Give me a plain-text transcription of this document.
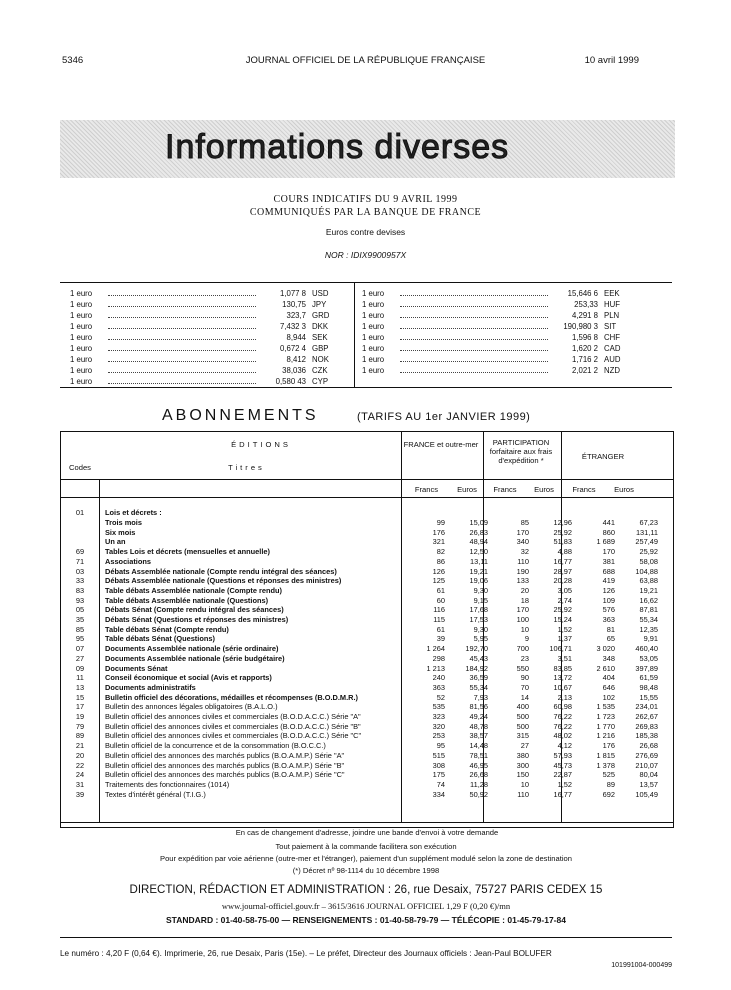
5346	JOURNAL OFFICIEL DE LA RÉPUBLIQUE FRANÇAISE	10 avril 1999
Informations diverses
COURS INDICATIFS DU 9 AVRIL 1999
COMMUNIQUÉS PAR LA BANQUE DE FRANCE
Euros contre devises
NOR : IDIX9900957X
1 euro	1,077 8 USD
1 euro	130,75 JPY
1 euro	323,7 GRD
1 euro	7,432 3 DKK
1 euro	8,944 SEK
1 euro	0,672 4 GBP
1 euro	8,412 NOK
1 euro	38,036 CZK
1 euro	0,580 43 CYP
1 euro	15,646 6 EEK
1 euro	253,33 HUF
1 euro	4,291 8 PLN
1 euro	190,980 3 SIT
1 euro	1,596 8 CHF
1 euro	1,620 2 CAD
1 euro	1,716 2 AUD
1 euro	2,021 2 NZD
ABONNEMENTS	(TARIFS AU 1er JANVIER 1999)
ÉDITIONS
Titres
Codes
FRANCE et outre-mer	PARTICIPATION forfaitaire aux frais d'expédition *	ÉTRANGER
Francs	Euros	Francs	Euros	Francs	Euros
01	Lois et décrets :
Trois mois	99	15,09	85	12,96	441	67,23
Six mois	176	26,83	170	25,92	860	131,11
Un an	321	48,94	340	51,83	1 689	257,49
69	Tables Lois et décrets (mensuelles et annuelle)	82	12,50	32	4,88	170	25,92
71	Associations	86	13,11	110	16,77	381	58,08
03	Débats Assemblée nationale (Compte rendu intégral des séances)	126	19,21	190	28,97	688	104,88
33	Débats Assemblée nationale (Questions et réponses des ministres)	125	19,06	133	20,28	419	63,88
83	Table débats Assemblée nationale (Compte rendu)	61	9,30	20	3,05	126	19,21
93	Table débats Assemblée nationale (Questions)	60	9,15	18	2,74	109	16,62
05	Débats Sénat (Compte rendu intégral des séances)	116	17,68	170	25,92	576	87,81
35	Débats Sénat (Questions et réponses des ministres)	115	17,53	100	15,24	363	55,34
85	Table débats Sénat (Compte rendu)	61	9,30	10	1,52	81	12,35
95	Table débats Sénat (Questions)	39	5,95	9	1,37	65	9,91
07	Documents Assemblée nationale (série ordinaire)	1 264	192,70	700	106,71	3 020	460,40
27	Documents Assemblée nationale (série budgétaire)	298	45,43	23	3,51	348	53,05
09	Documents Sénat	1 213	184,92	550	83,85	2 610	397,89
11	Conseil économique et social (Avis et rapports)	240	36,59	90	13,72	404	61,59
13	Documents administratifs	363	55,34	70	10,67	646	98,48
15	Bulletin officiel des décorations, médailles et récompenses (B.O.D.M.R.)	52	7,93	14	2,13	102	15,55
17	Bulletin des annonces légales obligatoires (B.A.L.O.)	535	81,56	400	60,98	1 535	234,01
19	Bulletin officiel des annonces civiles et commerciales (B.O.D.A.C.C.) Série "A"	323	49,24	500	76,22	1 723	262,67
79	Bulletin officiel des annonces civiles et commerciales (B.O.D.A.C.C.) Série "B"	320	48,78	500	76,22	1 770	269,83
89	Bulletin officiel des annonces civiles et commerciales (B.O.D.A.C.C.) Série "C"	253	38,57	315	48,02	1 216	185,38
21	Bulletin officiel de la concurrence et de la consommation (B.O.C.C.)	95	14,48	27	4,12	176	26,68
20	Bulletin officiel des annonces des marchés publics (B.O.A.M.P.) Série "A"	515	78,51	380	57,93	1 815	276,69
22	Bulletin officiel des annonces des marchés publics (B.O.A.M.P.) Série "B"	308	46,95	300	45,73	1 378	210,07
24	Bulletin officiel des annonces des marchés publics (B.O.A.M.P.) Série "C"	175	26,68	150	22,87	525	80,04
31	Traitements des fonctionnaires (1014)	74	11,28	10	1,52	89	13,57
39	Textes d'intérêt général (T.I.G.)	334	50,92	110	16,77	692	105,49
En cas de changement d'adresse, joindre une bande d'envoi à votre demande
Tout paiement à la commande facilitera son exécution
Pour expédition par voie aérienne (outre-mer et l'étranger), paiement d'un supplément modulé selon la zone de destination
(*) Décret nº 98-1114 du 10 décembre 1998
DIRECTION, RÉDACTION ET ADMINISTRATION : 26, rue Desaix, 75727 PARIS CEDEX 15
www.journal-officiel.gouv.fr – 3615/3616 JOURNAL OFFICIEL 1,29 F (0,20 €)/mn
STANDARD : 01-40-58-75-00 — RENSEIGNEMENTS : 01-40-58-79-79 — TÉLÉCOPIE : 01-45-79-17-84
Le numéro : 4,20 F (0,64 €). Imprimerie, 26, rue Desaix, Paris (15e). – Le préfet, Directeur des Journaux officiels : Jean-Paul BOLUFER
101991004-000499
